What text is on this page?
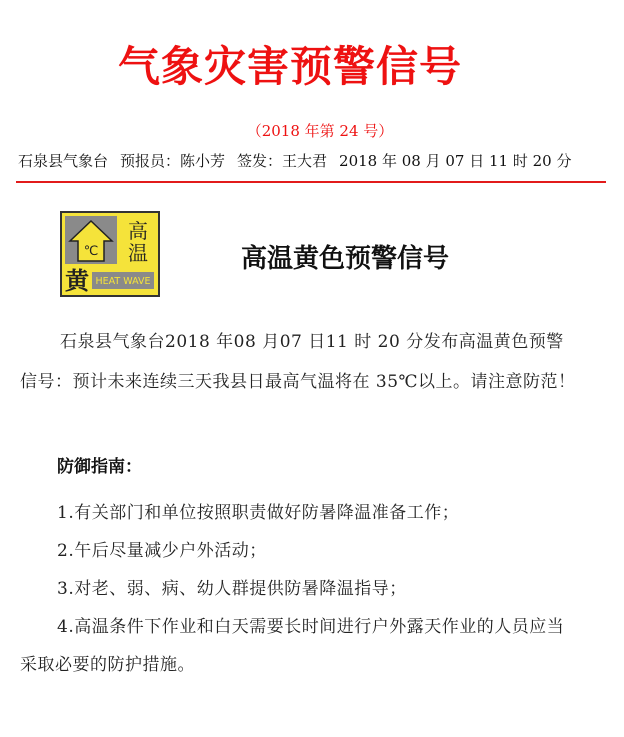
气象灾害预警信号
（2018 年第 24 号）
石泉县气象台 预报员：陈小芳 签发：王大君 2018 年 08 月 07 日 11 时 20 分
℃
高
温
黄 HEAT WAVE
高温黄色预警信号
石泉县气象台2018 年08 月07 日11 时 20 分发布高温黄色预警信号：预计未来连续三天我县日最高气温将在 35℃以上。请注意防范！
防御指南：
1.有关部门和单位按照职责做好防暑降温准备工作；
2.午后尽量减少户外活动；
3.对老、弱、病、幼人群提供防暑降温指导；
4.高温条件下作业和白天需要长时间进行户外露天作业的人员应当采取必要的防护措施。
